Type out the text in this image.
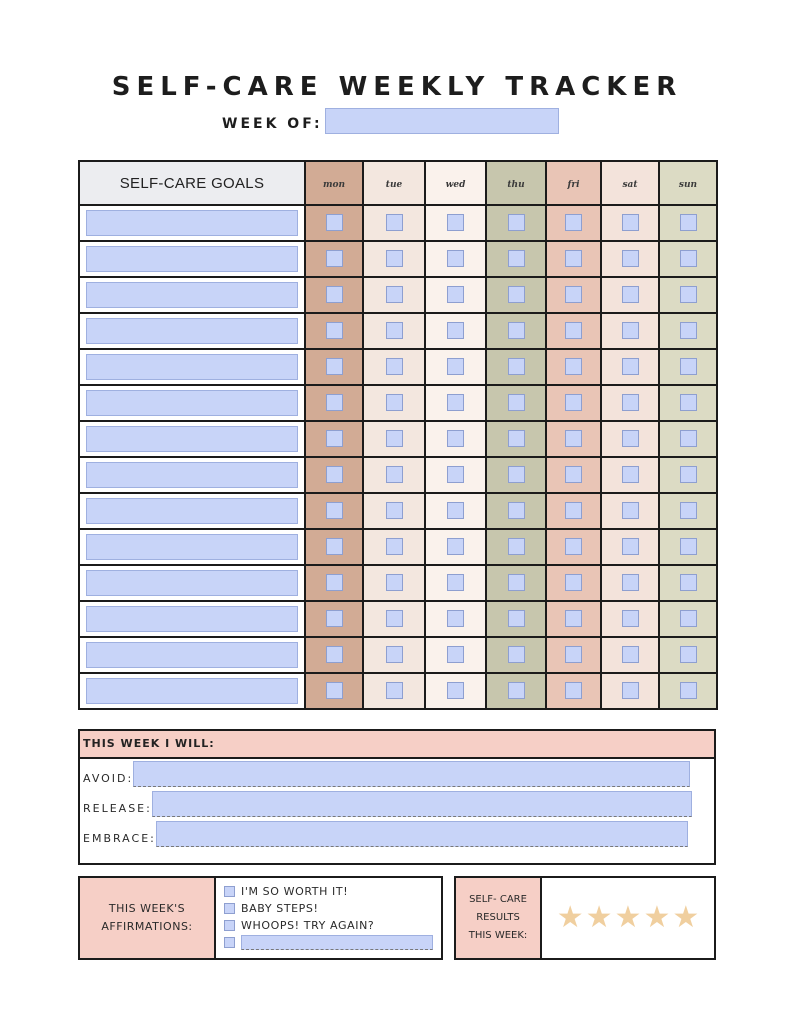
SELF-CARE WEEKLY TRACKER
WEEK OF:
SELF-CARE GOALS	mon	tue	wed	thu	fri	sat	sun

THIS WEEK I WILL:
AVOID:
RELEASE:
EMBRACE:
THIS WEEK'S
AFFIRMATIONS:
I'M SO WORTH IT!
BABY STEPS!
WHOOPS! TRY AGAIN?
SELF- CARE
RESULTS
THIS WEEK:
★ ★ ★ ★ ★
